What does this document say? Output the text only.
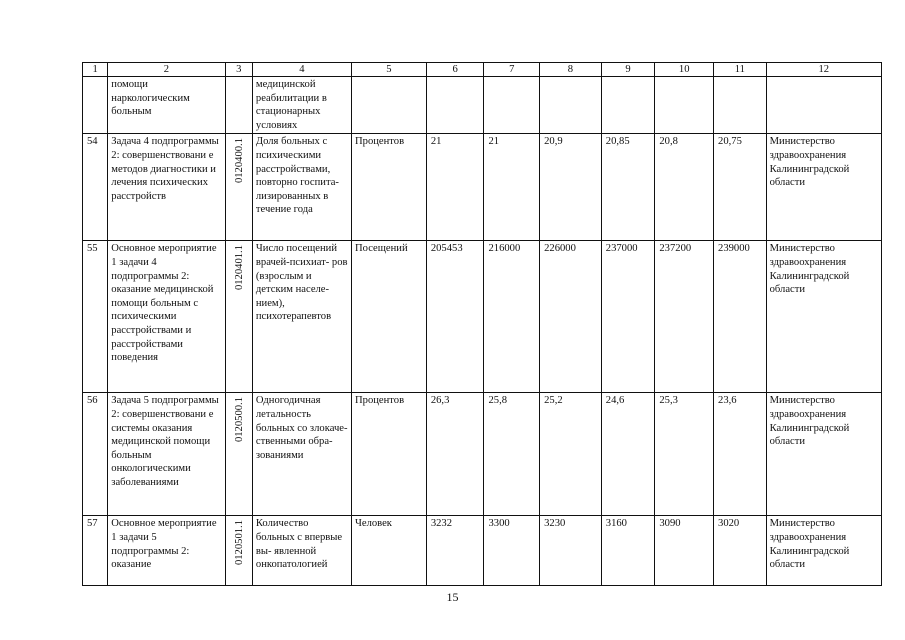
1	2	3	4	5	6	7	8	9	10	11	12
	помощи наркологическим больным		медицинской реабилитации в стационарных условиях								
54	Задача 4 подпрограммы 2: совершенствовани е методов диагностики и лечения психических расстройств	0120400.1	Доля больных с психическими расстройствами, повторно госпита- лизированных в течение года	Процентов	21	21	20,9	20,85	20,8	20,75	Министерство здравоохранения Калининградской области
55	Основное мероприятие 1 задачи 4 подпрограммы 2: оказание медицинской помощи больным с психическими расстройствами и расстройствами поведения	0120401.1	Число посещений врачей-психиат- ров (взрослым и детским населе- нием), психотерапевтов	Посещений	205453	216000	226000	237000	237200	239000	Министерство здравоохранения Калининградской области
56	Задача 5 подпрограммы 2: совершенствовани е системы оказания медицинской помощи больным онкологическими заболеваниями	0120500.1	Одногодичная летальность больных со злокаче- ственными обра- зованиями	Процентов	26,3	25,8	25,2	24,6	25,3	23,6	Министерство здравоохранения Калининградской области
57	Основное мероприятие 1 задачи 5 подпрограммы 2: оказание	0120501.1	Количество больных с впервые вы- явленной онкопатологией	Человек	3232	3300	3230	3160	3090	3020	Министерство здравоохранения Калининградской области
15
